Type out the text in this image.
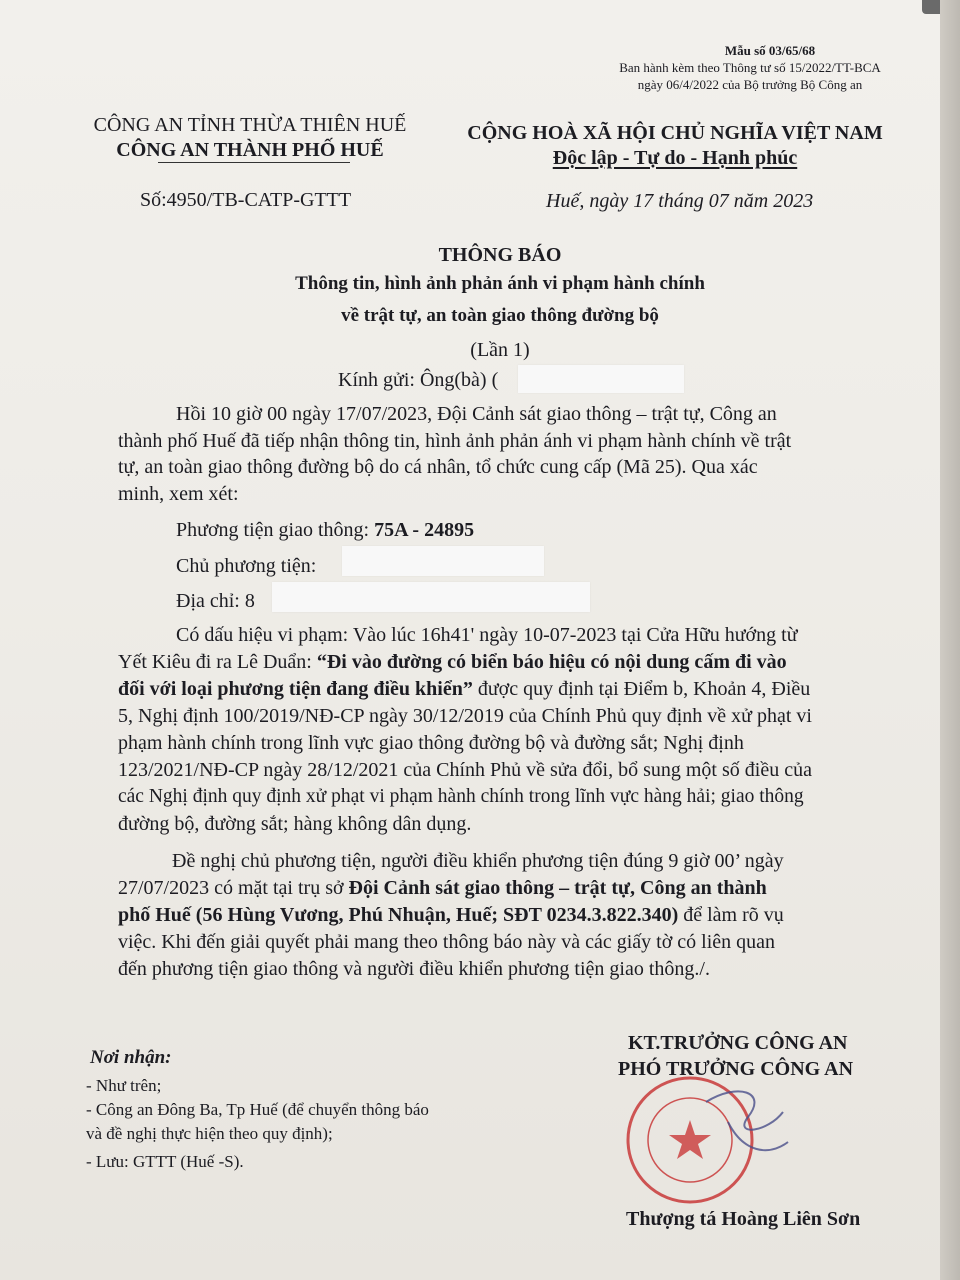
Mẫu số 03/65/68
Ban hành kèm theo Thông tư số 15/2022/TT-BCA
ngày 06/4/2022 của Bộ trưởng Bộ Công an
CÔNG AN TỈNH THỪA THIÊN HUẾ
CÔNG AN THÀNH PHỐ HUẾ
Số:4950/TB-CATP-GTTT
CỘNG HOÀ XÃ HỘI CHỦ NGHĨA VIỆT NAM
Độc lập - Tự do - Hạnh phúc
Huế, ngày 17 tháng 07 năm 2023
THÔNG BÁO
Thông tin, hình ảnh phản ánh vi phạm hành chính
về trật tự, an toàn giao thông đường bộ
(Lần 1)
Kính gửi: Ông(bà) (
Hồi 10 giờ 00 ngày 17/07/2023, Đội Cảnh sát giao thông – trật tự, Công an
thành phố Huế đã tiếp nhận thông tin, hình ảnh phản ánh vi phạm hành chính về trật
tự, an toàn giao thông đường bộ do cá nhân, tổ chức cung cấp (Mã 25). Qua xác
minh, xem xét:
Phương tiện giao thông: 75A - 24895
Chủ phương tiện:
Địa chỉ: 8
Có dấu hiệu vi phạm: Vào lúc 16h41' ngày 10-07-2023 tại Cửa Hữu hướng từ
Yết Kiêu đi ra Lê Duẩn: “Đi vào đường có biển báo hiệu có nội dung cấm đi vào
đối với loại phương tiện đang điều khiển” được quy định tại Điểm b, Khoản 4, Điều
5, Nghị định 100/2019/NĐ-CP ngày 30/12/2019 của Chính Phủ quy định về xử phạt vi
phạm hành chính trong lĩnh vực giao thông đường bộ và đường sắt; Nghị định
123/2021/NĐ-CP ngày 28/12/2021 của Chính Phủ về sửa đổi, bổ sung một số điều của
các Nghị định quy định xử phạt vi phạm hành chính trong lĩnh vực hàng hải; giao thông
đường bộ, đường sắt; hàng không dân dụng.
Đề nghị chủ phương tiện, người điều khiển phương tiện đúng 9 giờ 00’ ngày
27/07/2023 có mặt tại trụ sở Đội Cảnh sát giao thông – trật tự, Công an thành
phố Huế (56 Hùng Vương, Phú Nhuận, Huế; SĐT 0234.3.822.340) để làm rõ vụ
việc. Khi đến giải quyết phải mang theo thông báo này và các giấy tờ có liên quan
đến phương tiện giao thông và người điều khiển phương tiện giao thông./.
Nơi nhận:
- Như trên;
- Công an Đông Ba, Tp Huế (để chuyển thông báo
và đề nghị thực hiện theo quy định);
- Lưu: GTTT (Huế -S).
KT.TRƯỞNG CÔNG AN
PHÓ TRƯỞNG CÔNG AN
Thượng tá Hoàng Liên Sơn
